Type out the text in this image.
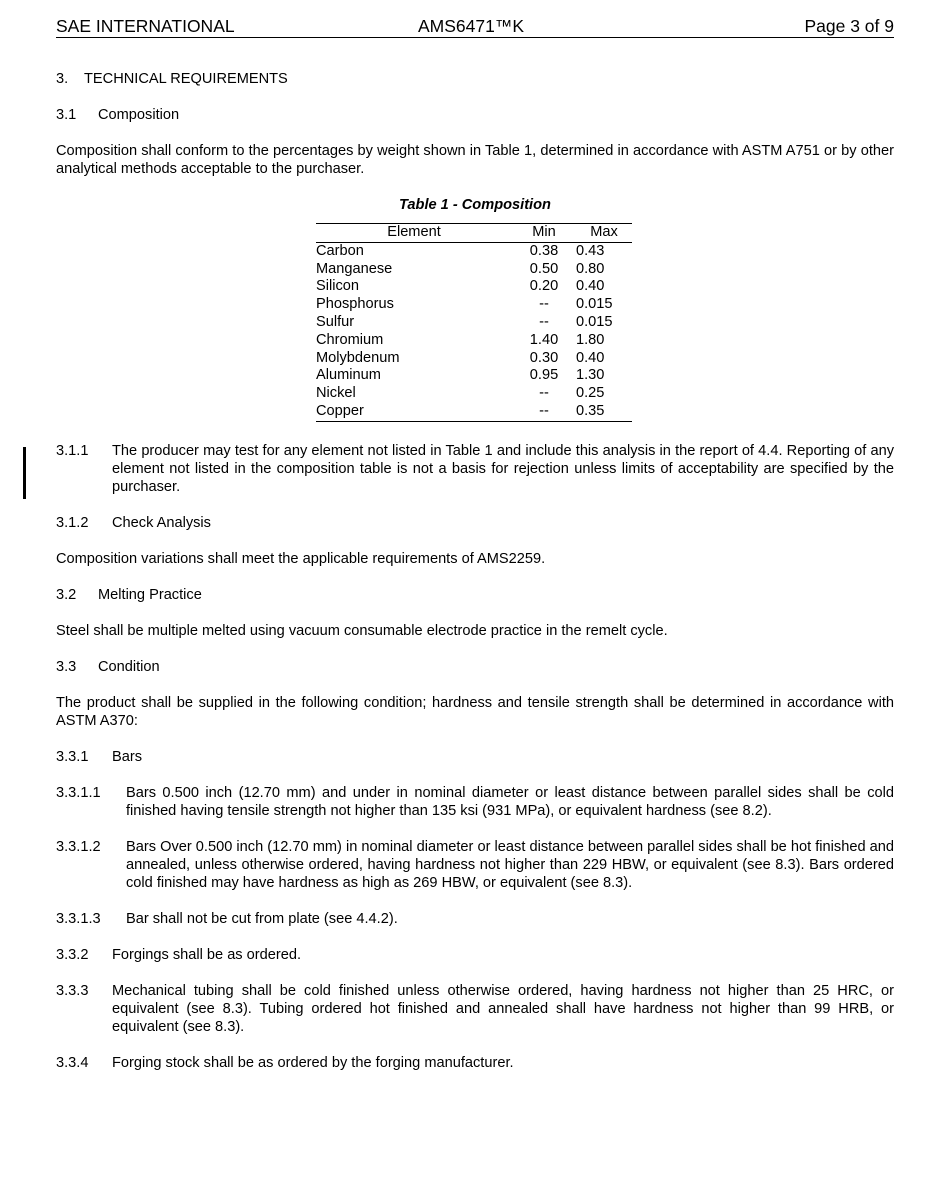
SAE INTERNATIONAL	AMS6471™K	Page 3 of 9
3. TECHNICAL REQUIREMENTS
3.1 Composition

Composition shall conform to the percentages by weight shown in Table 1, determined in accordance with ASTM A751 or by other analytical methods acceptable to the purchaser.

Table 1 - Composition

Element	Min	Max
Carbon	0.38	0.43
Manganese	0.50	0.80
Silicon	0.20	0.40
Phosphorus	--	0.015
Sulfur	--	0.015
Chromium	1.40	1.80
Molybdenum	0.30	0.40
Aluminum	0.95	1.30
Nickel	--	0.25
Copper	--	0.35
3.1.1 The producer may test for any element not listed in Table 1 and include this analysis in the report of 4.4. Reporting of any element not listed in the composition table is not a basis for rejection unless limits of acceptability are specified by the purchaser.
3.1.2 Check Analysis

Composition variations shall meet the applicable requirements of AMS2259.

3.2 Melting Practice

Steel shall be multiple melted using vacuum consumable electrode practice in the remelt cycle.

3.3 Condition

The product shall be supplied in the following condition; hardness and tensile strength shall be determined in accordance with ASTM A370:

3.3.1 Bars
3.3.1.1 Bars 0.500 inch (12.70 mm) and under in nominal diameter or least distance between parallel sides shall be cold finished having tensile strength not higher than 135 ksi (931 MPa), or equivalent hardness (see 8.2).
3.3.1.2 Bars Over 0.500 inch (12.70 mm) in nominal diameter or least distance between parallel sides shall be hot finished and annealed, unless otherwise ordered, having hardness not higher than 229 HBW, or equivalent (see 8.3). Bars ordered cold finished may have hardness as high as 269 HBW, or equivalent (see 8.3).
3.3.1.3 Bar shall not be cut from plate (see 4.4.2).
3.3.2 Forgings shall be as ordered.
3.3.3 Mechanical tubing shall be cold finished unless otherwise ordered, having hardness not higher than 25 HRC, or equivalent (see 8.3). Tubing ordered hot finished and annealed shall have hardness not higher than 99 HRB, or equivalent (see 8.3).
3.3.4 Forging stock shall be as ordered by the forging manufacturer.
